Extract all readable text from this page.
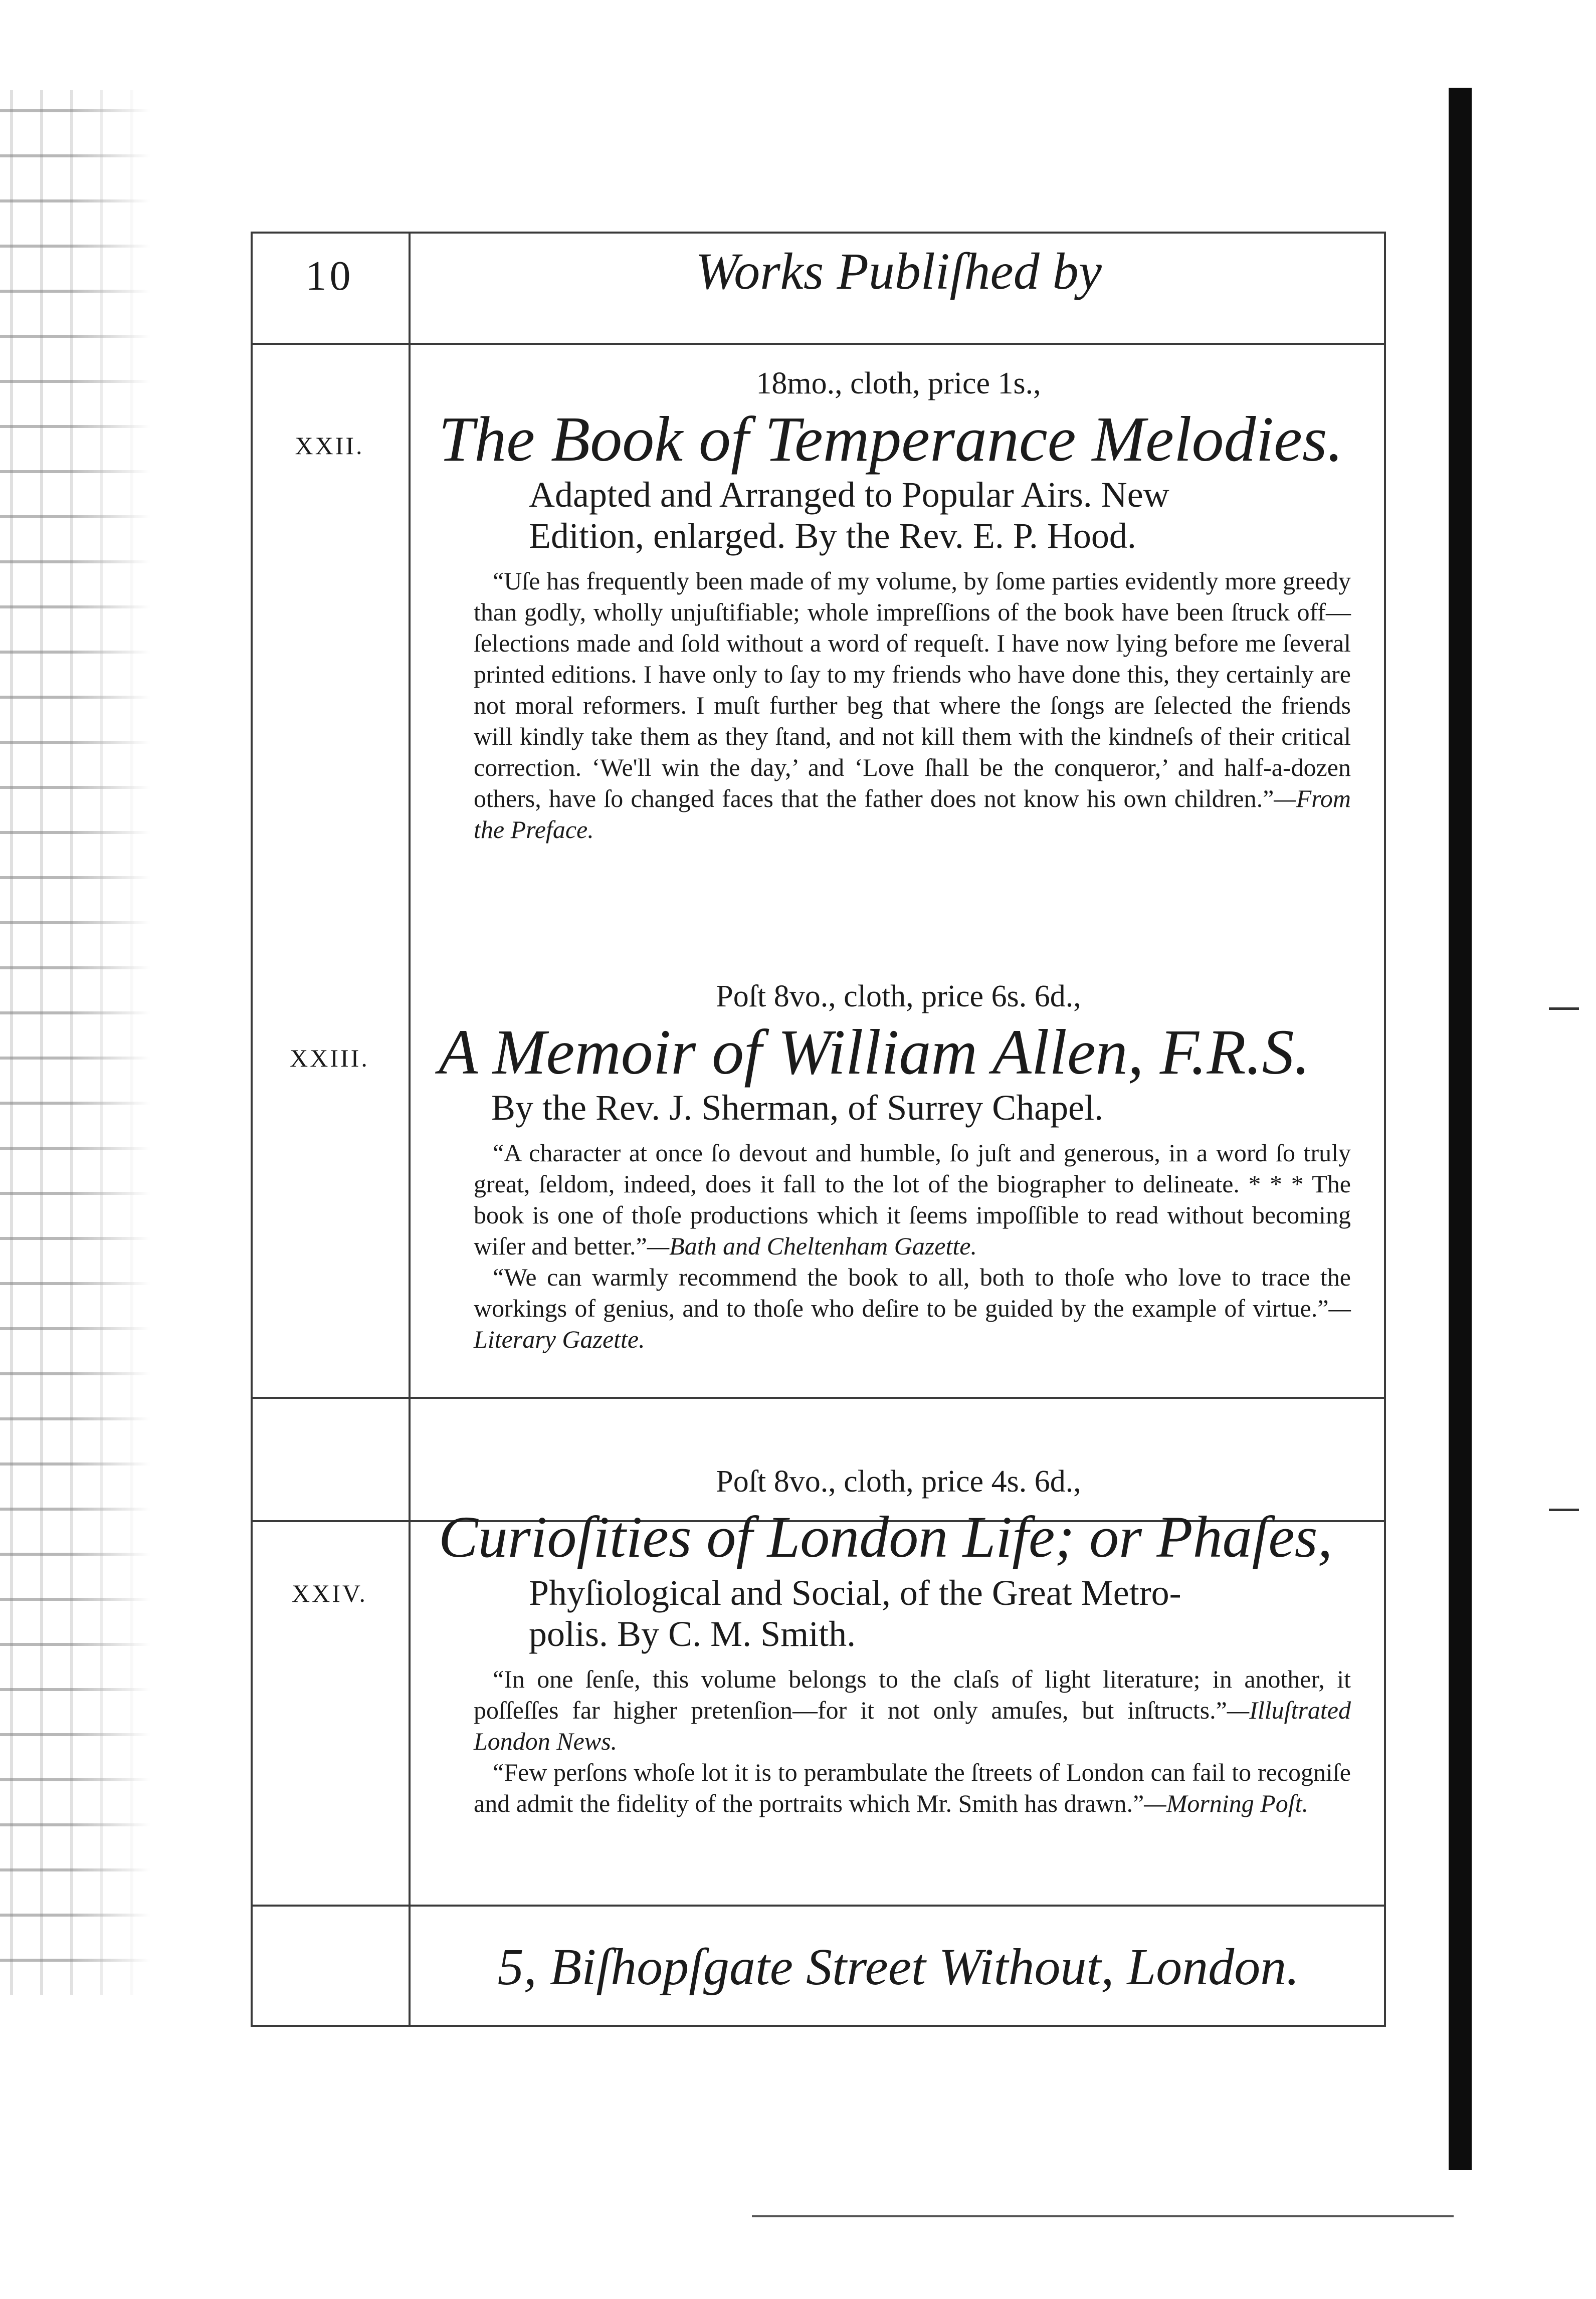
10	Works Publiſhed by
XXII.
18mo., cloth, price 1s.,
The Book of Temperance Melodies.
Adapted and Arranged to Popular Airs. New
Edition, enlarged. By the Rev. E. P. Hood.

“Uſe has frequently been made of my volume, by ſome parties evidently more greedy than godly, wholly unjuſtifiable; whole impreſſions of the book have been ſtruck off—ſelections made and ſold without a word of requeſt. I have now lying before me ſeveral printed editions. I have only to ſay to my friends who have done this, they certainly are not moral reformers. I muſt further beg that where the ſongs are ſelected the friends will kindly take them as they ſtand, and not kill them with the kindneſs of their critical correction. ‘We'll win the day,’ and ‘Love ſhall be the conqueror,’ and half-a-dozen others, have ſo changed faces that the father does not know his own children.”—From the Preface.

XXIII.
Poſt 8vo., cloth, price 6s. 6d.,
A Memoir of William Allen, F.R.S.
By the Rev. J. Sherman, of Surrey Chapel.

“A character at once ſo devout and humble, ſo juſt and generous, in a word ſo truly great, ſeldom, indeed, does it fall to the lot of the biographer to delineate. * * * The book is one of thoſe productions which it ſeems impoſſible to read without becoming wiſer and better.”—Bath and Cheltenham Gazette.

“We can warmly recommend the book to all, both to thoſe who love to trace the workings of genius, and to thoſe who deſire to be guided by the example of virtue.”—Literary Gazette.

XXIV.
Poſt 8vo., cloth, price 4s. 6d.,
Curioſities of London Life; or Phaſes,
Phyſiological and Social, of the Great Metro-
polis. By C. M. Smith.

“In one ſenſe, this volume belongs to the claſs of light literature; in another, it poſſeſſes far higher pretenſion—for it not only amuſes, but inſtructs.”—Illuſtrated London News.

“Few perſons whoſe lot it is to perambulate the ſtreets of London can fail to recogniſe and admit the fidelity of the portraits which Mr. Smith has drawn.”—Morning Poſt.

5, Biſhopſgate Street Without, London.
